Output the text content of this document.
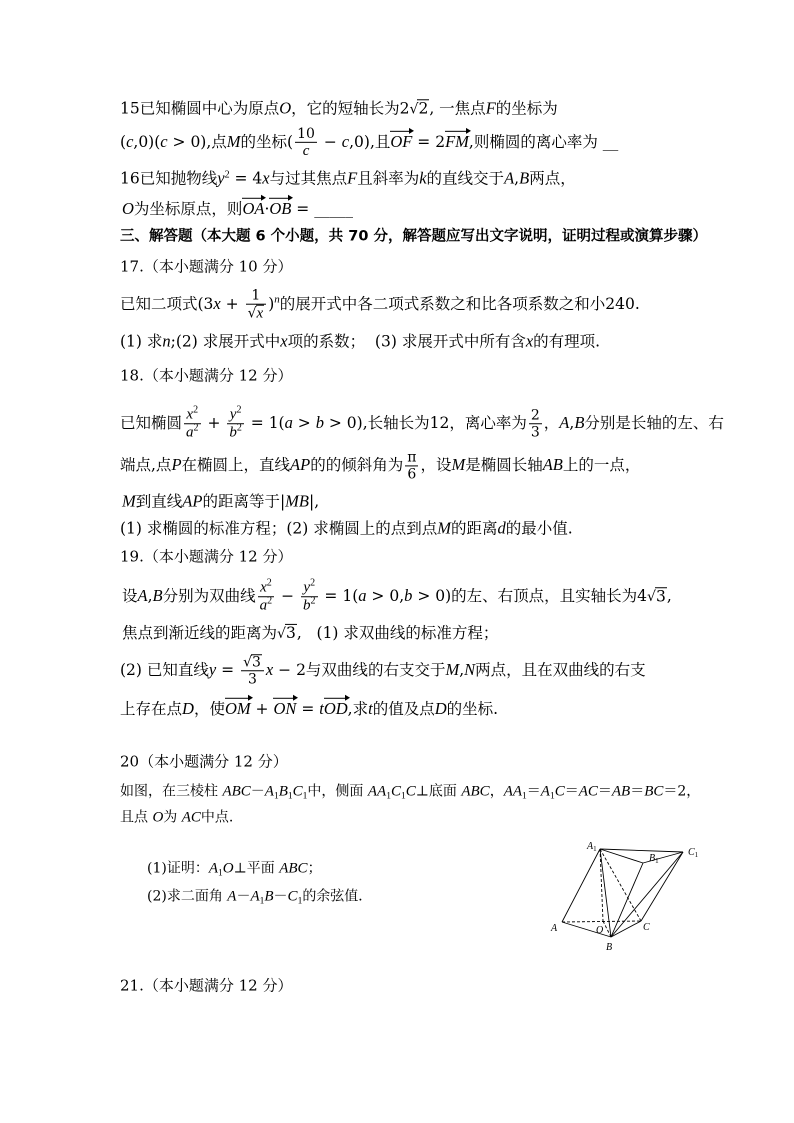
15已知椭圆中心为原点O，它的短轴长为2√2, 一焦点F的坐标为
(c,0)(c > 0),点M的坐标( $\frac{10}{c} - c,0$),且OF = 2FM,则椭圆的离心率为 __
16已知抛物线$y^2 = 4x$与过其焦点F且斜率为k的直线交于A,B两点，
O为坐标原点，则OA·OB = _____
三、解答题（本大题 6 个小题，共 70 分，解答题应写出文字说明，证明过程或演算步骤）
17.（本小题满分 10 分）
已知二项式$(3x + \frac{1}{√x} )^n$的展开式中各二项式系数之和比各项系数之和小240.
(1) 求n;(2) 求展开式中x项的系数；  (3) 求展开式中所有含x的有理项.
18.（本小题满分 12 分）
已知椭圆 $\frac{x^2}{a^2} + \frac{y^2}{b^2} = 1(a > b > 0)$,长轴长为12，离心率为 $\frac{2}{3}$ ，A,B分别是长轴的左、右
端点,点P在椭圆上，直线AP的的倾斜角为 $\frac{\pi}{6}$ ，设M是椭圆长轴AB上的一点，
M到直线AP的距离等于|MB|,
(1) 求椭圆的标准方程；(2) 求椭圆上的点到点M的距离d的最小值.
19.（本小题满分 12 分）
设A,B分别为双曲线 $\frac{x^2}{a^2} - \frac{y^2}{b^2} = 1(a > 0,b > 0)$的左、右顶点，且实轴长为4√3,
焦点到渐近线的距离为√3,   (1) 求双曲线的标准方程；
(2) 已知直线$y = \frac{√3}{3}$ x − 2与双曲线的右支交于M,N两点，且在双曲线的右支
上存在点D，使OM + ON = tOD,求t的值及点D的坐标.
20（本小题满分 12 分）
如图，在三棱柱 $ABC-A_1B_1C_1$中，侧面 $AA_1C_1C\perp$底面 ABC，$AA_1=A_1C=AC=AB=BC=2$，
且点 O为 AC中点.
(1)证明：$A_1O\perp$平面 ABC；
(2)求二面角 $A-A_1B-C_1$的余弦值．
$A_1$
$B_1$
$C_1$
A	O	C
B
21.（本小题满分 12 分）
